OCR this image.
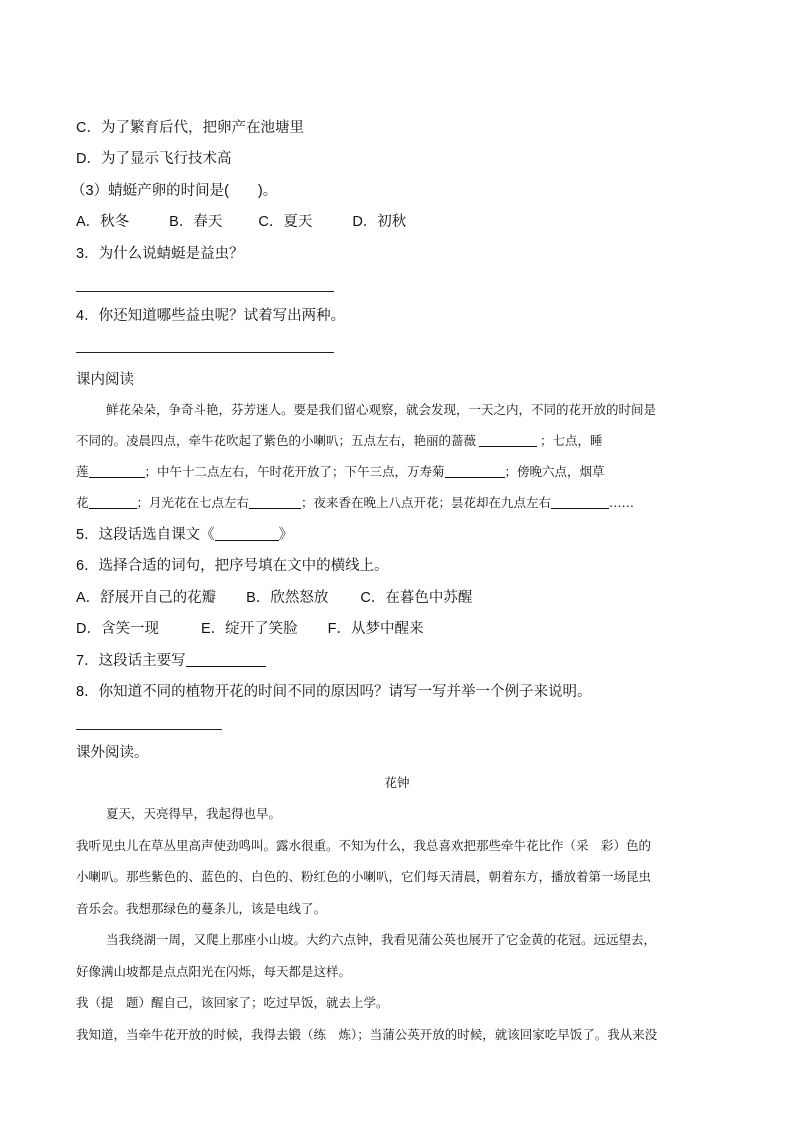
C．为了繁育后代，把卵产在池塘里

D．为了显示飞行技术高

（3）蜻蜓产卵的时间是(　　)。

A．秋冬	B．春天 C．夏天	D．初秋

3．为什么说蜻蜓是益虫？

4．你还知道哪些益虫呢？试着写出两种。

课内阅读

鲜花朵朵，争奇斗艳，芬芳迷人。要是我们留心观察，就会发现，一天之内，不同的花开放的时间是

不同的。凌晨四点，牵牛花吹起了紫色的小喇叭；五点左右，艳丽的蔷薇	；七点，睡

莲	；中午十二点左右，午时花开放了；下午三点，万寿菊	；傍晚六点，烟草

花	；月光花在七点左右	；夜来香在晚上八点开花；昙花却在九点左右	……

5．这段话选自课文《	》

6．选择合适的词句，把序号填在文中的横线上。

A．舒展开自己的花瓣 B．欣然怒放 C．在暮色中苏醒

D．含笑一现	E．绽开了笑脸 F．从梦中醒来

7．这段话主要写

8．你知道不同的植物开花的时间不同的原因吗？请写一写并举一个例子来说明。

课外阅读。

花钟

夏天，天亮得早，我起得也早。

我听见虫儿在草丛里高声使劲鸣叫。露水很重。不知为什么，我总喜欢把那些牵牛花比作（采　彩）色的

小喇叭。那些紫色的、蓝色的、白色的、粉红色的小喇叭，它们每天清晨，朝着东方，播放着第一场昆虫

音乐会。我想那绿色的蔓条儿，该是电线了。

当我绕湖一周，又爬上那座小山坡。大约六点钟，我看见蒲公英也展开了它金黄的花冠。远远望去，

好像满山坡都是点点阳光在闪烁，每天都是这样。

我（提　题）醒自己，该回家了；吃过早饭，就去上学。

我知道，当牵牛花开放的时候，我得去锻（练　炼）；当蒲公英开放的时候，就该回家吃早饭了。我从来没
